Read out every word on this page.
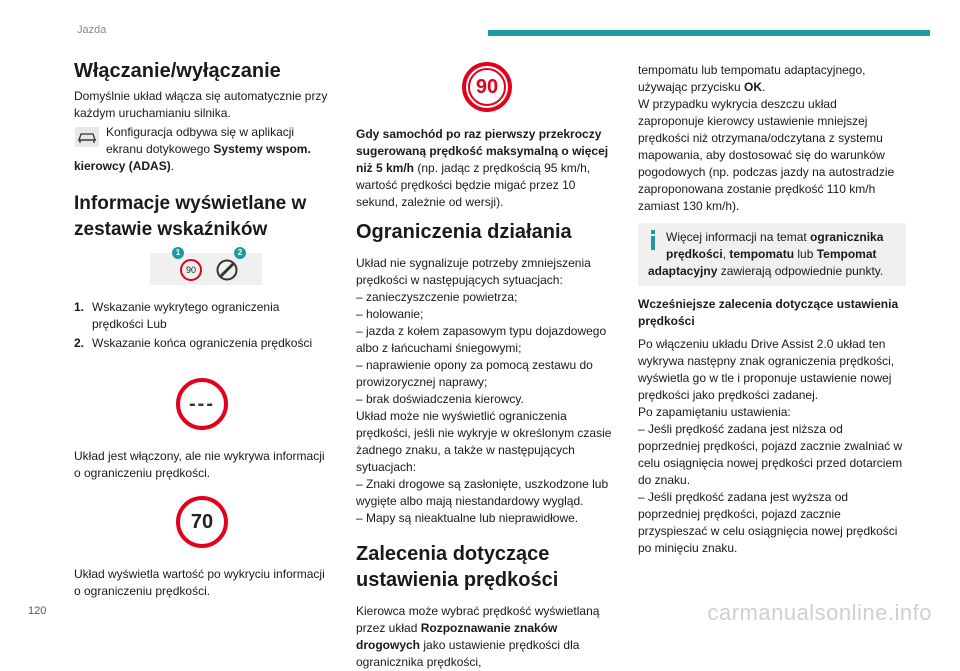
Jazda
Włączanie/wyłączanie

Domyślnie układ włącza się automatycznie przy każdym uruchamianiu silnika.

Konfiguracja odbywa się w aplikacji ekranu dotykowego Systemy wspom. kierowcy (ADAS).
Informacje wyświetlane w zestawie wskaźników
90
1	2
1. Wskazanie wykrytego ograniczenia prędkości Lub
2. Wskazanie końca ograniczenia prędkości
---

Układ jest włączony, ale nie wykrywa informacji o ograniczeniu prędkości.

70

Układ wyświetla wartość po wykryciu informacji o ograniczeniu prędkości.

90

Gdy samochód po raz pierwszy przekroczy sugerowaną prędkość maksymalną o więcej niż 5 km/h (np. jadąc z prędkością 95 km/h, wartość prędkości będzie migać przez 10 sekund, zależnie od wersji).

Ograniczenia działania
Układ nie sygnalizuje potrzeby zmniejszenia prędkości w następujących sytuacjach:
– zanieczyszczenie powietrza;
– holowanie;
– jazda z kołem zapasowym typu dojazdowego albo z łańcuchami śniegowymi;
– naprawienie opony za pomocą zestawu do prowizorycznej naprawy;
– brak doświadczenia kierowcy.
Układ może nie wyświetlić ograniczenia prędkości, jeśli nie wykryje w określonym czasie żadnego znaku, a także w następujących sytuacjach:
– Znaki drogowe są zasłonięte, uszkodzone lub wygięte albo mają niestandardowy wygląd.
– Mapy są nieaktualne lub nieprawidłowe.
Zalecenia dotyczące ustawienia prędkości
Kierowca może wybrać prędkość wyświetlaną przez układ Rozpoznawanie znaków drogowych jako ustawienie prędkości dla ogranicznika prędkości,
tempomatu lub tempomatu adaptacyjnego, używając przycisku OK.

W przypadku wykrycia deszczu układ zaproponuje kierowcy ustawienie mniejszej prędkości niż otrzymana/odczytana z systemu mapowania, aby dostosować się do warunków pogodowych (np. podczas jazdy na autostradzie zaproponowana zostanie prędkość 110 km/h zamiast 130 km/h).

Więcej informacji na temat ogranicznika prędkości, tempomatu lub Tempomat adaptacyjny zawierają odpowiednie punkty.
Wcześniejsze zalecenia dotyczące ustawienia prędkości
Po włączeniu układu Drive Assist 2.0 układ ten wykrywa następny znak ograniczenia prędkości, wyświetla go w tle i proponuje ustawienie nowej prędkości jako prędkości zadanej.
Po zapamiętaniu ustawienia:
– Jeśli prędkość zadana jest niższa od poprzedniej prędkości, pojazd zacznie zwalniać w celu osiągnięcia nowej prędkości przed dotarciem do znaku.
– Jeśli prędkość zadana jest wyższa od poprzedniej prędkości, pojazd zacznie przyspieszać w celu osiągnięcia nowej prędkości po minięciu znaku.
120	carmanualsonline.info
